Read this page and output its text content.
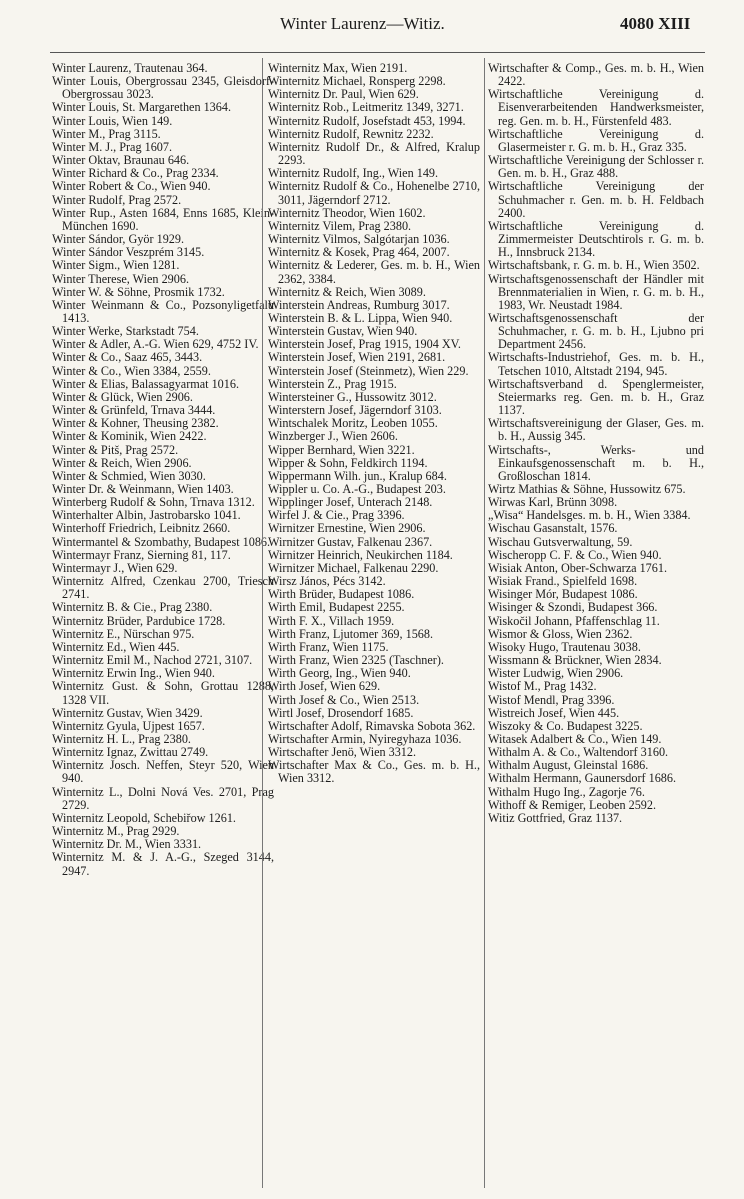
Winter Laurenz—Witiz.	4080 XIII

Winter Laurenz, Trautenau 364.

Winter Louis, Obergrossau 2345, Gleisdorf-Obergrossau 3023.

Winter Louis, St. Margarethen 1364.

Winter Louis, Wien 149.

Winter M., Prag 3115.

Winter M. J., Prag 1607.

Winter Oktav, Braunau 646.

Winter Richard & Co., Prag 2334.

Winter Robert & Co., Wien 940.

Winter Rudolf, Prag 2572.

Winter Rup., Asten 1684, Enns 1685, Klein-München 1690.

Winter Sándor, Györ 1929.

Winter Sándor Veszprém 3145.

Winter Sigm., Wien 1281.

Winter Therese, Wien 2906.

Winter W. & Söhne, Prosmik 1732.

Winter Weinmann & Co., Pozsonyligetfalu 1413.

Winter Werke, Starkstadt 754.

Winter & Adler, A.-G. Wien 629, 4752 IV.

Winter & Co., Saaz 465, 3443.

Winter & Co., Wien 3384, 2559.

Winter & Elias, Balassagyarmat 1016.

Winter & Glück, Wien 2906.

Winter & Grünfeld, Trnava 3444.

Winter & Kohner, Theusing 2382.

Winter & Kominik, Wien 2422.

Winter & Pitš, Prag 2572.

Winter & Reich, Wien 2906.

Winter & Schmied, Wien 3030.

Winter Dr. & Weinmann, Wien 1403.

Winterberg Rudolf & Sohn, Trnava 1312.

Winterhalter Albin, Jastrobarsko 1041.

Winterhoff Friedrich, Leibnitz 2660.

Wintermantel & Szombathy, Budapest 1086.

Wintermayr Franz, Sierning 81, 117.

Wintermayr J., Wien 629.

Winternitz Alfred, Czenkau 2700, Triesch 2741.

Winternitz B. & Cie., Prag 2380.

Winternitz Brüder, Pardubice 1728.

Winternitz E., Nürschan 975.

Winternitz Ed., Wien 445.

Winternitz Emil M., Nachod 2721, 3107.

Winternitz Erwin Ing., Wien 940.

Winternitz Gust. & Sohn, Grottau 1288, 1328 VII.

Winternitz Gustav, Wien 3429.

Winternitz Gyula, Ujpest 1657.

Winternitz H. L., Prag 2380.

Winternitz Ignaz, Zwittau 2749.

Winternitz Josch. Neffen, Steyr 520, Wien 940.

Winternitz L., Dolni Nová Ves. 2701, Prag 2729.

Winternitz Leopold, Schebiřow 1261.

Winternitz M., Prag 2929.

Winternitz Dr. M., Wien 3331.

Winternitz M. & J. A.-G., Szeged 3144, 2947.

Winternitz Max, Wien 2191.

Winternitz Michael, Ronsperg 2298.

Winternitz Dr. Paul, Wien 629.

Winternitz Rob., Leitmeritz 1349, 3271.

Winternitz Rudolf, Josefstadt 453, 1994.

Winternitz Rudolf, Rewnitz 2232.

Winternitz Rudolf Dr., & Alfred, Kralup 2293.

Winternitz Rudolf, Ing., Wien 149.

Winternitz Rudolf & Co., Hohenelbe 2710, 3011, Jägerndorf 2712.

Winternitz Theodor, Wien 1602.

Winternitz Vilem, Prag 2380.

Winternitz Vilmos, Salgótarjan 1036.

Winternitz & Kosek, Prag 464, 2007.

Winternitz & Lederer, Ges. m. b. H., Wien 2362, 3384.

Winternitz & Reich, Wien 3089.

Winterstein Andreas, Rumburg 3017.

Winterstein B. & L. Lippa, Wien 940.

Winterstein Gustav, Wien 940.

Winterstein Josef, Prag 1915, 1904 XV.

Winterstein Josef, Wien 2191, 2681.

Winterstein Josef (Steinmetz), Wien 229.

Winterstein Z., Prag 1915.

Wintersteiner G., Hussowitz 3012.

Winterstern Josef, Jägerndorf 3103.

Wintschalek Moritz, Leoben 1055.

Winzberger J., Wien 2606.

Wipper Bernhard, Wien 3221.

Wipper & Sohn, Feldkirch 1194.

Wippermann Wilh. jun., Kralup 684.

Wippler u. Co. A.-G., Budapest 203.

Wipplinger Josef, Unterach 2148.

Wirfel J. & Cie., Prag 3396.

Wirnitzer Ernestine, Wien 2906.

Wirnitzer Gustav, Falkenau 2367.

Wirnitzer Heinrich, Neukirchen 1184.

Wirnitzer Michael, Falkenau 2290.

Wirsz János, Pécs 3142.

Wirth Brüder, Budapest 1086.

Wirth Emil, Budapest 2255.

Wirth F. X., Villach 1959.

Wirth Franz, Ljutomer 369, 1568.

Wirth Franz, Wien 1175.

Wirth Franz, Wien 2325 (Taschner).

Wirth Georg, Ing., Wien 940.

Wirth Josef, Wien 629.

Wirth Josef & Co., Wien 2513.

Wirtl Josef, Drosendorf 1685.

Wirtschafter Adolf, Rimavska Sobota 362.

Wirtschafter Armin, Nyiregyhaza 1036.

Wirtschafter Jenö, Wien 3312.

Wirtschafter Max & Co., Ges. m. b. H., Wien 3312.

Wirtschafter & Comp., Ges. m. b. H., Wien 2422.

Wirtschaftliche Vereinigung d. Eisenverarbeitenden Handwerksmeister, reg. Gen. m. b. H., Fürstenfeld 483.

Wirtschaftliche Vereinigung d. Glasermeister r. G. m. b. H., Graz 335.

Wirtschaftliche Vereinigung der Schlosser r. Gen. m. b. H., Graz 488.

Wirtschaftliche Vereinigung der Schuhmacher r. Gen. m. b. H. Feldbach 2400.

Wirtschaftliche Vereinigung d. Zimmermeister Deutschtirols r. G. m. b. H., Innsbruck 2134.

Wirtschaftsbank, r. G. m. b. H., Wien 3502.

Wirtschaftsgenossenschaft der Händler mit Brennmaterialien in Wien, r. G. m. b. H., 1983, Wr. Neustadt 1984.

Wirtschaftsgenossenschaft der Schuhmacher, r. G. m. b. H., Ljubno pri Department 2456.

Wirtschafts-Industriehof, Ges. m. b. H., Tetschen 1010, Altstadt 2194, 945.

Wirtschaftsverband d. Spenglermeister, Steiermarks reg. Gen. m. b. H., Graz 1137.

Wirtschaftsvereinigung der Glaser, Ges. m. b. H., Aussig 345.

Wirtschafts-, Werks- und Einkaufsgenossenschaft m. b. H., Großloschan 1814.

Wirtz Mathias & Söhne, Hussowitz 675.

Wirwas Karl, Brünn 3098.

„Wisa“ Handelsges. m. b. H., Wien 3384.

Wischau Gasanstalt, 1576.

Wischau Gutsverwaltung, 59.

Wischeropp C. F. & Co., Wien 940.

Wisiak Anton, Ober-Schwarza 1761.

Wisiak Frand., Spielfeld 1698.

Wisinger Mór, Budapest 1086.

Wisinger & Szondi, Budapest 366.

Wiskočil Johann, Pfaffenschlag 11.

Wismor & Gloss, Wien 2362.

Wisoky Hugo, Trautenau 3038.

Wissmann & Brückner, Wien 2834.

Wister Ludwig, Wien 2906.

Wistof M., Prag 1432.

Wistof Mendl, Prag 3396.

Wistreich Josef, Wien 445.

Wiszoky & Co. Budapest 3225.

Witasek Adalbert & Co., Wien 149.

Withalm A. & Co., Waltendorf 3160.

Withalm August, Gleinstal 1686.

Withalm Hermann, Gaunersdorf 1686.

Withalm Hugo Ing., Zagorje 76.

Withoff & Remiger, Leoben 2592.

Witiz Gottfried, Graz 1137.
